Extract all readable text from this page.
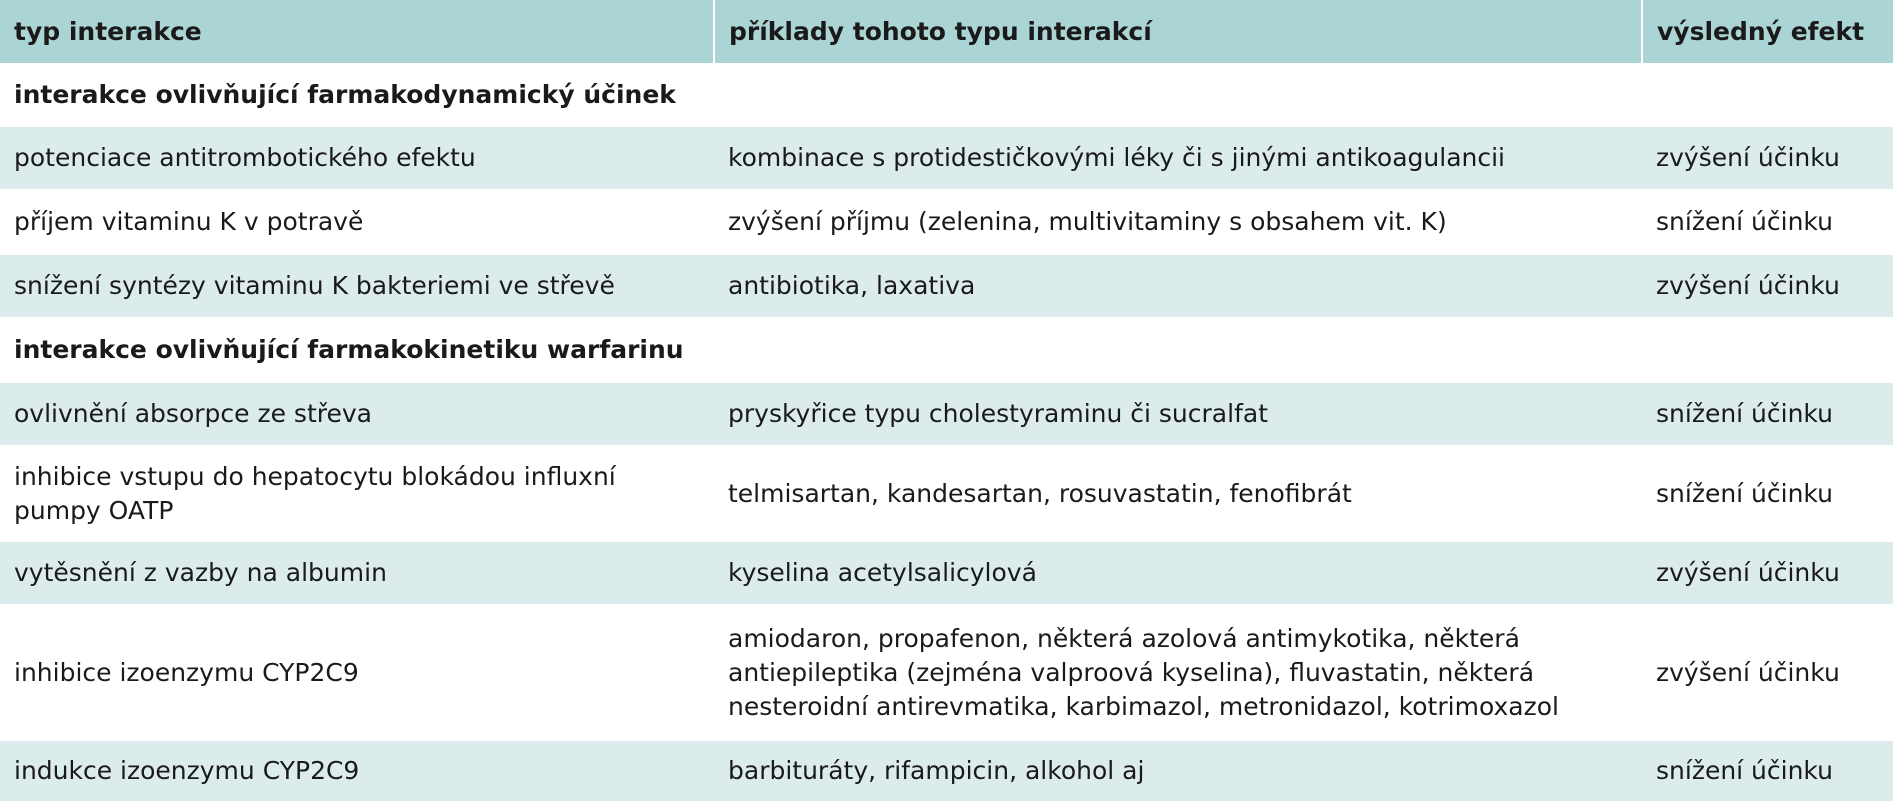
typ interakce	příklady tohoto typu interakcí	výsledný efekt
interakce ovlivňující farmakodynamický účinek		
potenciace antitrombotického efektu	kombinace s protidestičkovými léky či s jinými antikoagulancii	zvýšení účinku
příjem vitaminu K v potravě	zvýšení příjmu (zelenina, multivitaminy s obsahem vit. K)	snížení účinku
snížení syntézy vitaminu K bakteriemi ve střevě	antibiotika, laxativa	zvýšení účinku
interakce ovlivňující farmakokinetiku warfarinu		
ovlivnění absorpce ze střeva	pryskyřice typu cholestyraminu či sucralfat	snížení účinku
inhibice vstupu do hepatocytu blokádou influxní pumpy OATP	telmisartan, kandesartan, rosuvastatin, fenofibrát	snížení účinku
vytěsnění z vazby na albumin	kyselina acetylsalicylová	zvýšení účinku
inhibice izoenzymu CYP2C9	amiodaron, propafenon, některá azolová antimykotika, některá antiepileptika (zejména valproová kyselina), fluvastatin, některá nesteroidní antirevmatika, karbimazol, metronidazol, kotrimoxazol	zvýšení účinku
indukce izoenzymu CYP2C9	barbituráty, rifampicin, alkohol aj	snížení účinku
